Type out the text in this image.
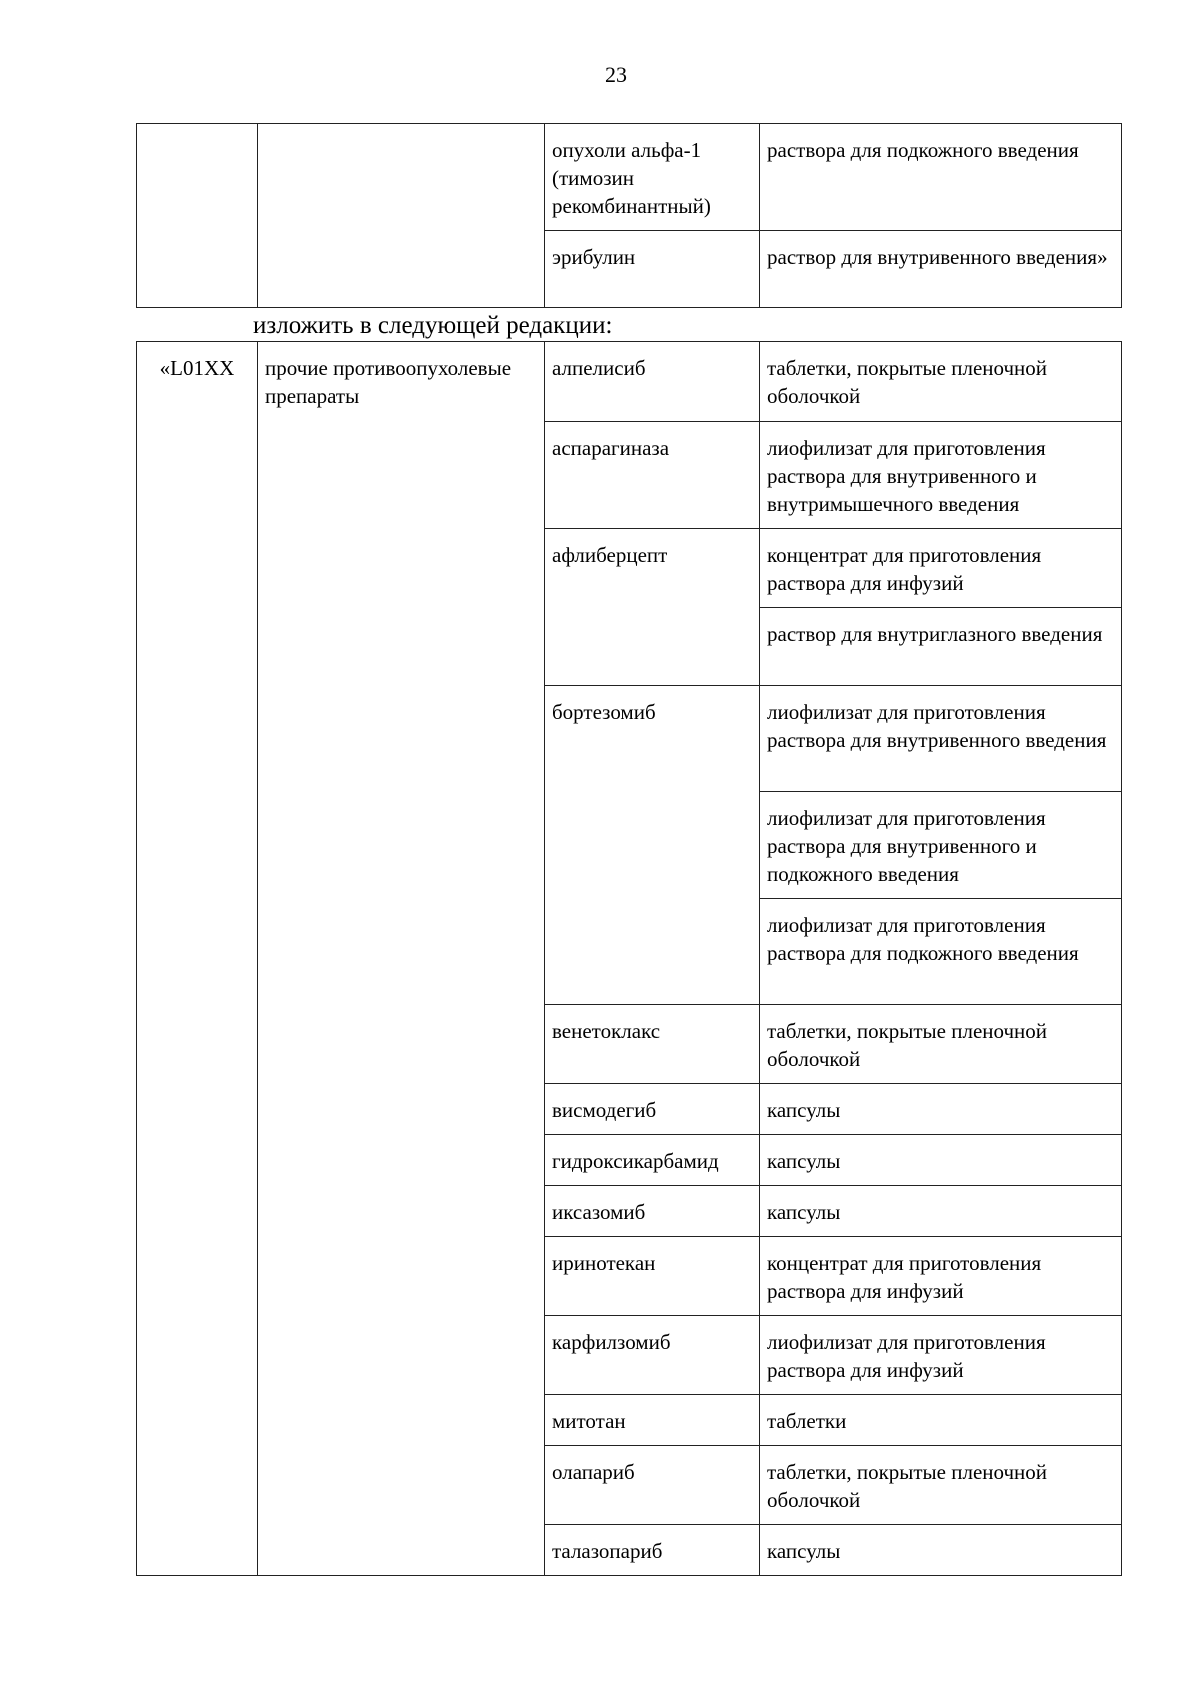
23
		опухоли альфа-1 (тимозин рекомбинантный)	раствора для подкожного введения
		эрибулин	раствор для внутривенного введения»
изложить в следующей редакции:
«L01XX	прочие противоопухолевые препараты	алпелисиб	таблетки, покрытые пленочной оболочкой
		аспарагиназа	лиофилизат для приготовления раствора для внутривенного и внутримышечного введения
		афлиберцепт	концентрат для приготовления раствора для инфузий
			раствор для внутриглазного введения
		бортезомиб	лиофилизат для приготовления раствора для внутривенного введения
			лиофилизат для приготовления раствора для внутривенного и подкожного введения
			лиофилизат для приготовления раствора для подкожного введения
		венетоклакс	таблетки, покрытые пленочной оболочкой
		висмодегиб	капсулы
		гидроксикарбамид	капсулы
		иксазомиб	капсулы
		иринотекан	концентрат для приготовления раствора для инфузий
		карфилзомиб	лиофилизат для приготовления раствора для инфузий
		митотан	таблетки
		олапариб	таблетки, покрытые пленочной оболочкой
		талазопариб	капсулы
